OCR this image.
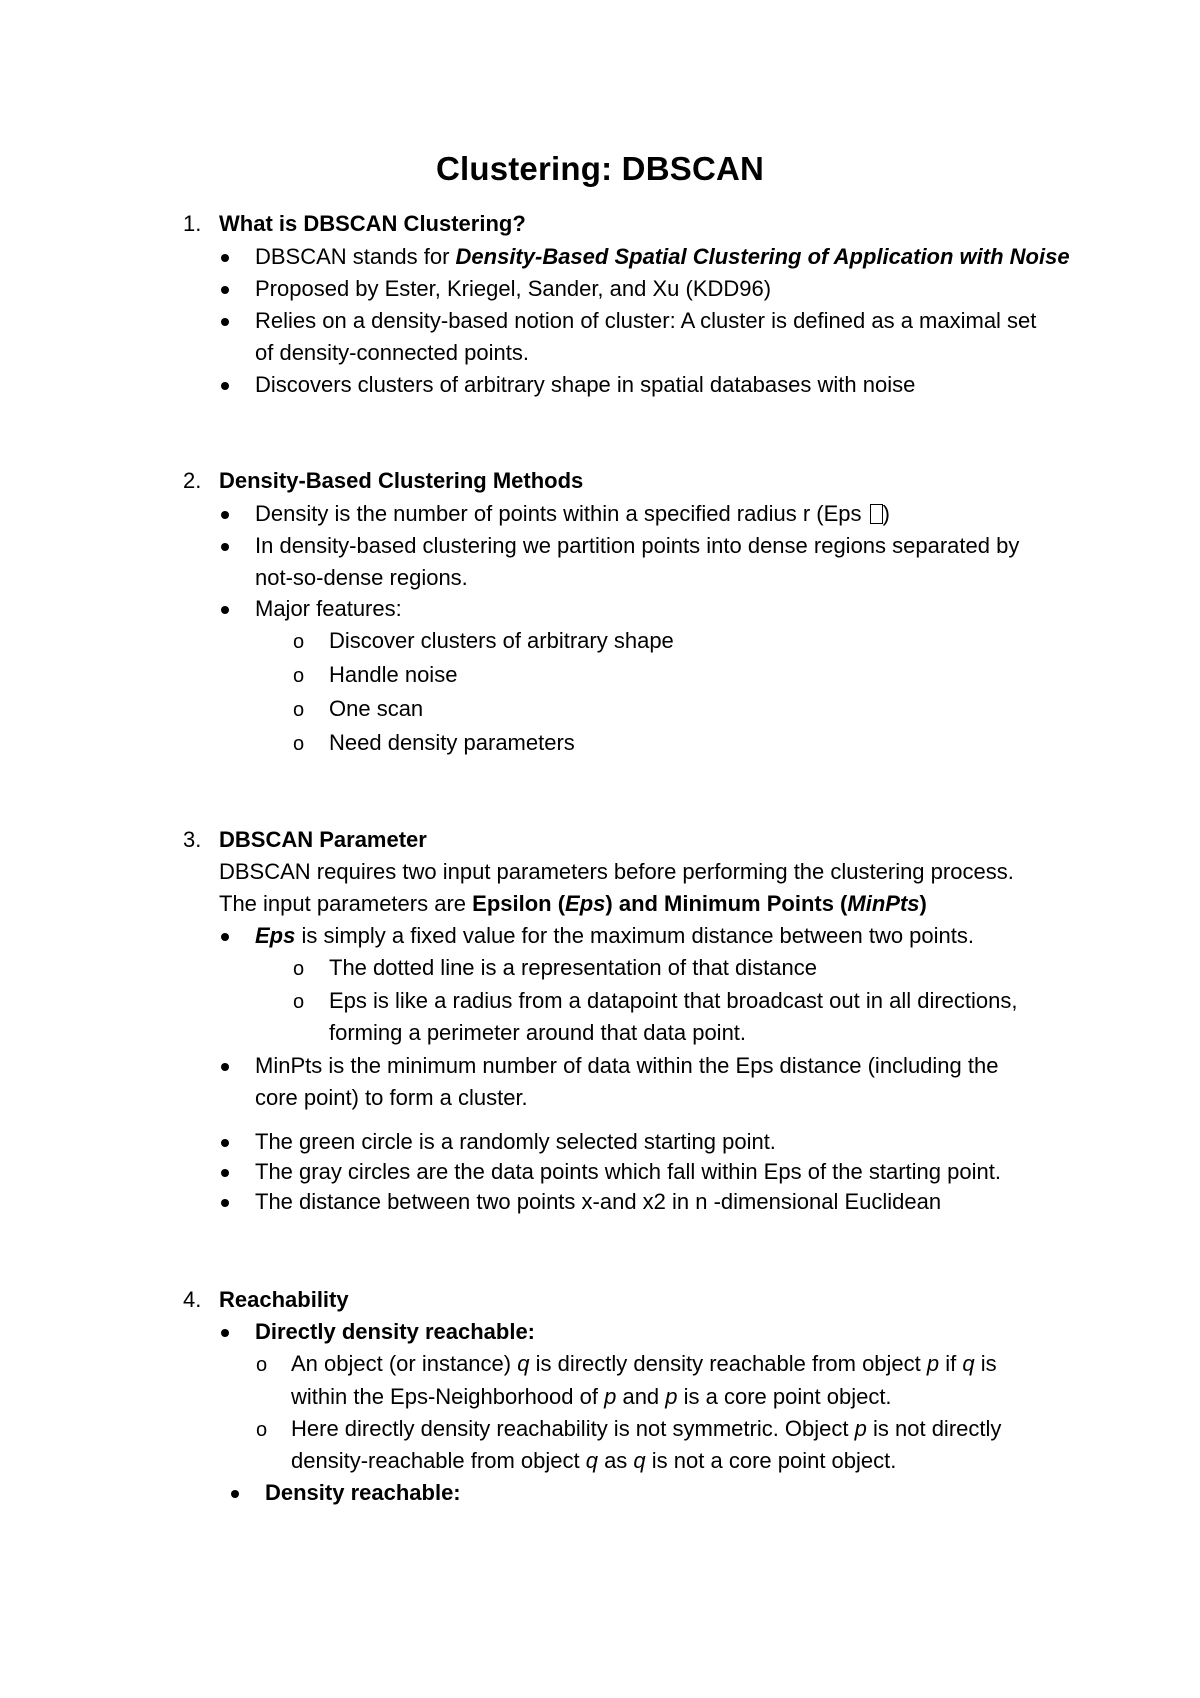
Clustering: DBSCAN
1. What is DBSCAN Clustering?
DBSCAN stands for Density-Based Spatial Clustering of Application with Noise
Proposed by Ester, Kriegel, Sander, and Xu (KDD96)
Relies on a density-based notion of cluster: A cluster is defined as a maximal set
of density-connected points.
Discovers clusters of arbitrary shape in spatial databases with noise
2. Density-Based Clustering Methods
Density is the number of points within a specified radius r (Eps )
In density-based clustering we partition points into dense regions separated by
not-so-dense regions.
Major features:
o Discover clusters of arbitrary shape
o Handle noise
o One scan
o Need density parameters
3. DBSCAN Parameter
DBSCAN requires two input parameters before performing the clustering process.
The input parameters are Epsilon (Eps) and Minimum Points (MinPts)
Eps is simply a fixed value for the maximum distance between two points.
o The dotted line is a representation of that distance
o Eps is like a radius from a datapoint that broadcast out in all directions,
forming a perimeter around that data point.
MinPts is the minimum number of data within the Eps distance (including the
core point) to form a cluster.
The green circle is a randomly selected starting point.
The gray circles are the data points which fall within Eps of the starting point.
The distance between two points x-and x2 in n -dimensional Euclidean
4. Reachability
Directly density reachable:
o An object (or instance) q is directly density reachable from object p if q is
within the Eps-Neighborhood of p and p is a core point object.
o Here directly density reachability is not symmetric. Object p is not directly
density-reachable from object q as q is not a core point object.
Density reachable:
